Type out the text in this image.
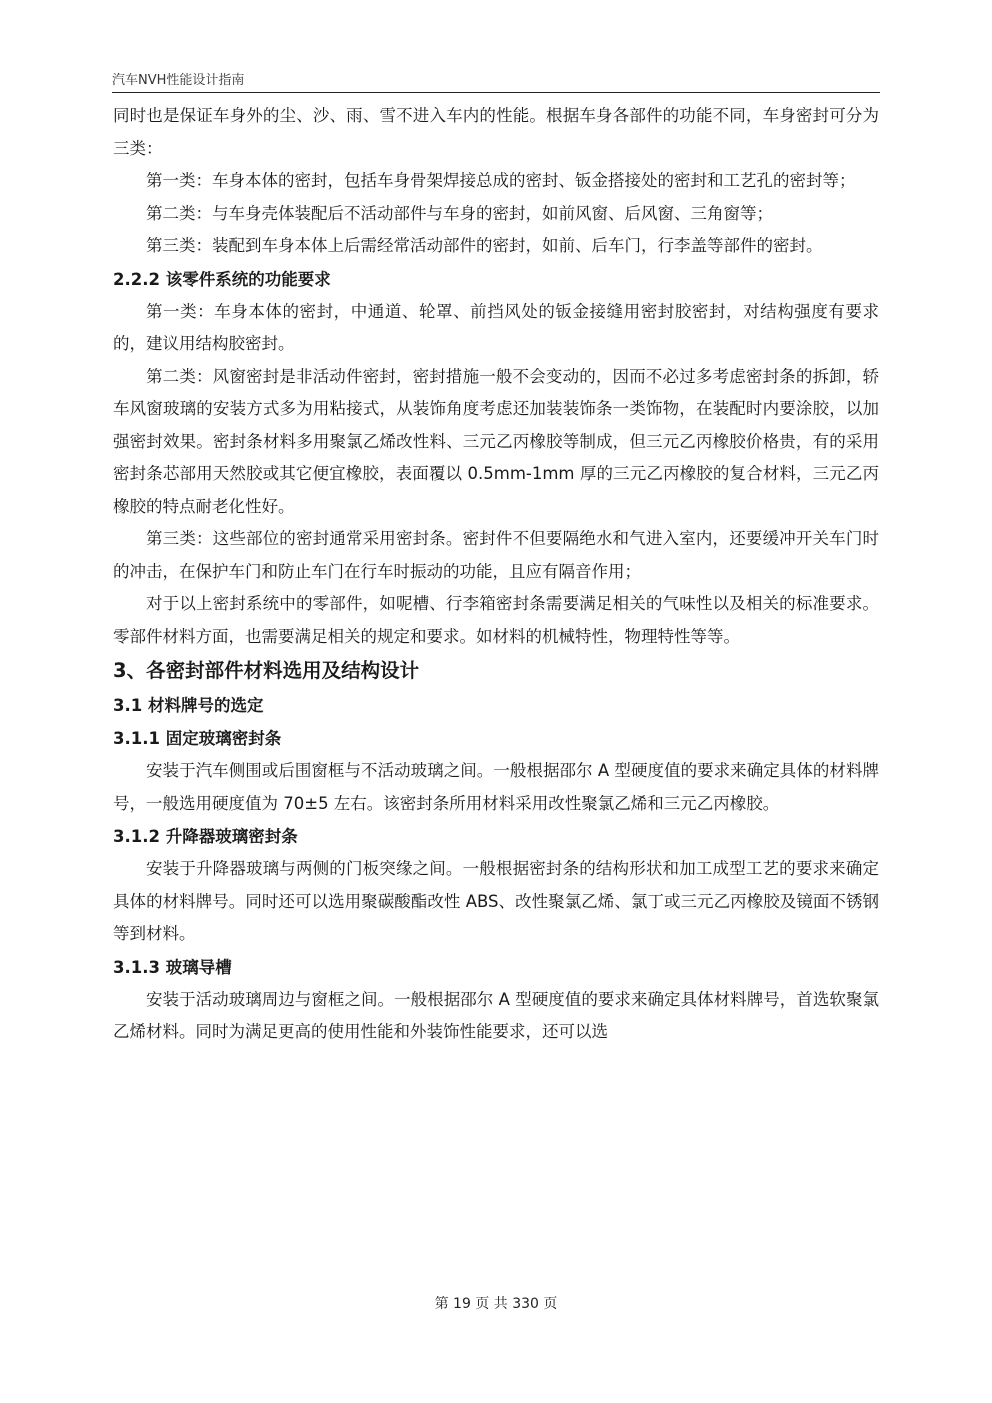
汽车NVH性能设计指南

同时也是保证车身外的尘、沙、雨、雪不进入车内的性能。根据车身各部件的功能不同，车身密封可分为三类：

第一类：车身本体的密封，包括车身骨架焊接总成的密封、钣金搭接处的密封和工艺孔的密封等；

第二类：与车身壳体装配后不活动部件与车身的密封，如前风窗、后风窗、三角窗等；

第三类：装配到车身本体上后需经常活动部件的密封，如前、后车门，行李盖等部件的密封。

2.2.2 该零件系统的功能要求

第一类：车身本体的密封，中通道、轮罩、前挡风处的钣金接缝用密封胶密封，对结构强度有要求的，建议用结构胶密封。

第二类：风窗密封是非活动件密封，密封措施一般不会变动的，因而不必过多考虑密封条的拆卸，轿车风窗玻璃的安装方式多为用粘接式，从装饰角度考虑还加装装饰条一类饰物，在装配时内要涂胶，以加强密封效果。密封条材料多用聚氯乙烯改性料、三元乙丙橡胶等制成，但三元乙丙橡胶价格贵，有的采用密封条芯部用天然胶或其它便宜橡胶，表面覆以 0.5mm-1mm 厚的三元乙丙橡胶的复合材料，三元乙丙橡胶的特点耐老化性好。

第三类：这些部位的密封通常采用密封条。密封件不但要隔绝水和气进入室内，还要缓冲开关车门时的冲击，在保护车门和防止车门在行车时振动的功能，且应有隔音作用；

对于以上密封系统中的零部件，如呢槽、行李箱密封条需要满足相关的气味性以及相关的标准要求。零部件材料方面，也需要满足相关的规定和要求。如材料的机械特性，物理特性等等。

3、各密封部件材料选用及结构设计
3.1 材料牌号的选定
3.1.1 固定玻璃密封条

安装于汽车侧围或后围窗框与不活动玻璃之间。一般根据邵尔 A 型硬度值的要求来确定具体的材料牌号，一般选用硬度值为 70±5 左右。该密封条所用材料采用改性聚氯乙烯和三元乙丙橡胶。

3.1.2 升降器玻璃密封条

安装于升降器玻璃与两侧的门板突缘之间。一般根据密封条的结构形状和加工成型工艺的要求来确定具体的材料牌号。同时还可以选用聚碳酸酯改性 ABS、改性聚氯乙烯、氯丁或三元乙丙橡胶及镜面不锈钢等到材料。

3.1.3 玻璃导槽

安装于活动玻璃周边与窗框之间。一般根据邵尔 A 型硬度值的要求来确定具体材料牌号，首选软聚氯乙烯材料。同时为满足更高的使用性能和外装饰性能要求，还可以选

第 19 页 共 330 页
